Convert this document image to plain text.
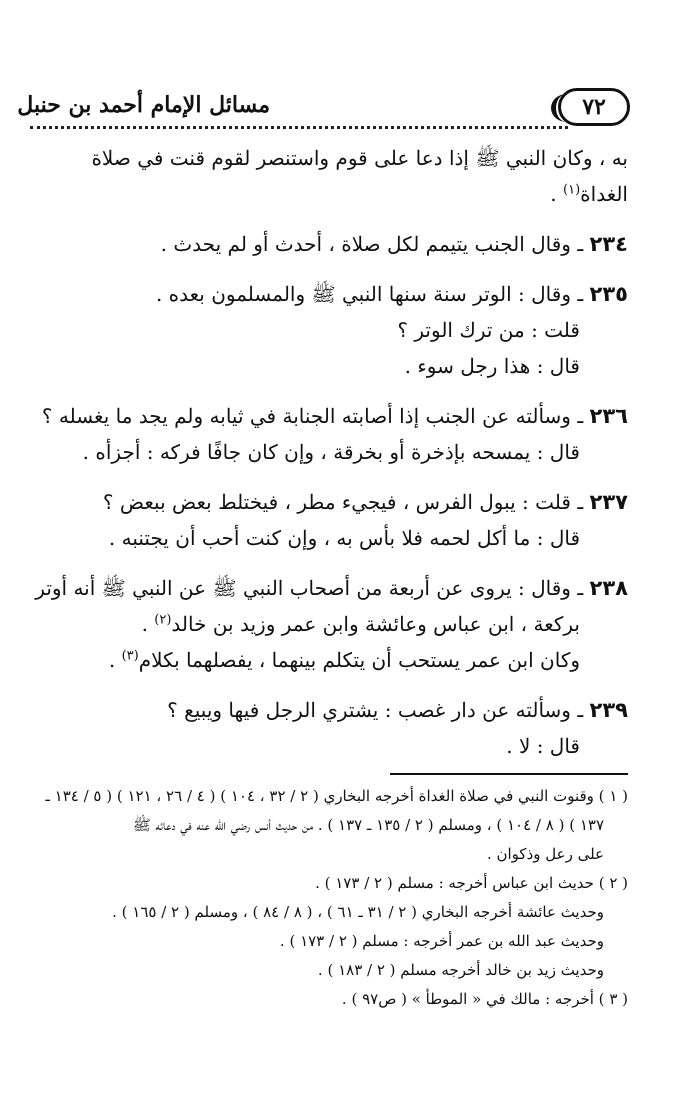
٧٢
مسائل الإمام أحمد بن حنبل

به ، وكان النبي ﷺ إذا دعا على قوم واستنصر لقوم قنت في صلاة
الغداة$^{(١)}$ .

٢٣٤ ـ وقال الجنب يتيمم لكل صلاة ، أحدث أو لم يحدث .

٢٣٥ ـ وقال : الوتر سنة سنها النبي ﷺ والمسلمون بعده .

قلت : من ترك الوتر ؟

قال : هذا رجل سوء .

٢٣٦ ـ وسألته عن الجنب إذا أصابته الجنابة في ثيابه ولم يجد ما يغسله ؟

قال : يمسحه بإذخرة أو بخرقة ، وإن كان جافًا فركه : أجزأه .

٢٣٧ ـ قلت : يبول الفرس ، فيجيء مطر ، فيختلط بعض ببعض ؟

قال : ما أكل لحمه فلا بأس به ، وإن كنت أحب أن يجتنبه .

٢٣٨ ـ وقال : يروى عن أربعة من أصحاب النبي ﷺ عن النبي ﷺ أنه أوتر

بركعة ، ابن عباس وعائشة وابن عمر وزيد بن خالد$^{(٢)}$ .

وكان ابن عمر يستحب أن يتكلم بينهما ، يفصلهما بكلام$^{(٣)}$ .

٢٣٩ ـ وسألته عن دار غصب : يشتري الرجل فيها ويبيع ؟

قال : لا .

( ١ ) وقنوت النبي في صلاة الغداة أخرجه البخاري ( ٢ / ٣٢ ، ١٠٤ ) ( ٤ / ٢٦ ، ١٢١ ) ( ٥ / ١٣٤ ـ

١٣٧ ) ( ٨ / ١٠٤ ) ، ومسلم ( ٢ / ١٣٥ ـ ١٣٧ ) . من حديث أنس رضي الله عنه في دعائه ﷺ

على رعل وذكوان .

( ٢ ) حديث ابن عباس أخرجه : مسلم ( ٢ / ١٧٣ ) .

وحديث عائشة أخرجه البخاري ( ٢ / ٣١ ـ ٦١ ) ، ( ٨ / ٨٤ ) ، ومسلم ( ٢ / ١٦٥ ) .

وحديث عبد الله بن عمر أخرجه : مسلم ( ٢ / ١٧٣ ) .

وحديث زيد بن خالد أخرجه مسلم ( ٢ / ١٨٣ ) .

( ٣ ) أخرجه : مالك في « الموطأ » ( ص٩٧ ) .
